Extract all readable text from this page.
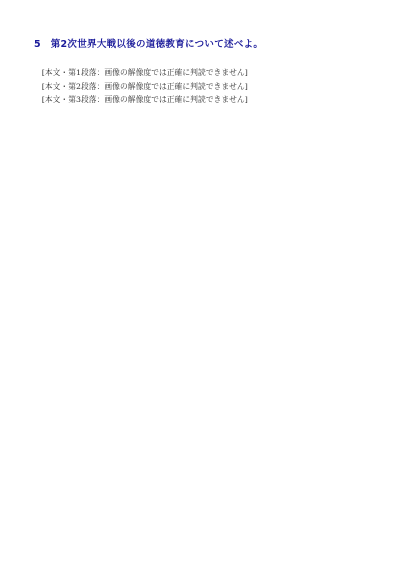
5　第2次世界大戦以後の道徳教育について述べよ。

[本文・第1段落：画像の解像度では正確に判読できません]

[本文・第2段落：画像の解像度では正確に判読できません]

[本文・第3段落：画像の解像度では正確に判読できません]
